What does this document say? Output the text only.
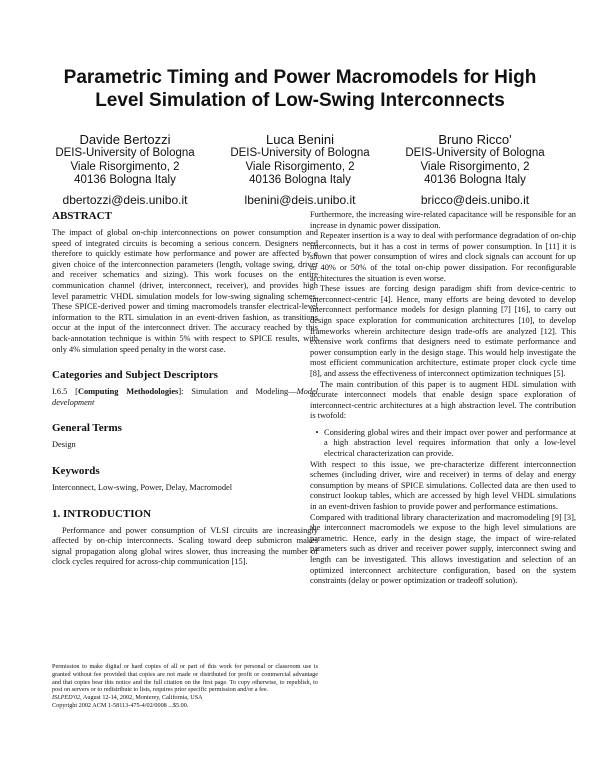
Parametric Timing and Power Macromodels for High Level Simulation of Low-Swing Interconnects
Davide Bertozzi
DEIS-University of Bologna
Viale Risorgimento, 2
40136 Bologna Italy
dbertozzi@deis.unibo.it
Luca Benini
DEIS-University of Bologna
Viale Risorgimento, 2
40136 Bologna Italy
lbenini@deis.unibo.it
Bruno Ricco'
DEIS-University of Bologna
Viale Risorgimento, 2
40136 Bologna Italy
bricco@deis.unibo.it
ABSTRACT

The impact of global on-chip interconnections on power consumption and speed of integrated circuits is becoming a serious concern. Designers need therefore to quickly estimate how performance and power are affected by a given choice of the interconnection parameters (length, voltage swing, driver and receiver schematics and sizing). This work focuses on the entire communication channel (driver, interconnect, receiver), and provides high level parametric VHDL simulation models for low-swing signaling schemes. These SPICE-derived power and timing macromodels transfer electrical-level information to the RTL simulation in an event-driven fashion, as transitions occur at the input of the interconnect driver. The accuracy reached by this back-annotation technique is within 5% with respect to SPICE results, with only 4% simulation speed penalty in the worst case.

Categories and Subject Descriptors

I.6.5 [Computing Methodologies]: Simulation and Modeling—Model development

General Terms

Design

Keywords

Interconnect, Low-swing, Power, Delay, Macromodel

1. INTRODUCTION

Performance and power consumption of VLSI circuits are increasingly affected by on-chip interconnects. Scaling toward deep submicron makes signal propagation along global wires slower, thus increasing the number of clock cycles required for across-chip communication [15].

Permission to make digital or hard copies of all or part of this work for personal or classroom use is granted without fee provided that copies are not made or distributed for profit or commercial advantage and that copies bear this notice and the full citation on the first page. To copy otherwise, to republish, to post on servers or to redistribute to lists, requires prior specific permission and/or a fee.

ISLPED'02, August 12-14, 2002, Monterey, California, USA

Copyright 2002 ACM 1-58113-475-4/02/0008 ...$5.00.

Furthermore, the increasing wire-related capacitance will be responsible for an increase in dynamic power dissipation.

Repeater insertion is a way to deal with performance degradation of on-chip interconnects, but it has a cost in terms of power consumption. In [11] it is shown that power consumption of wires and clock signals can account for up to 40% or 50% of the total on-chip power dissipation. For reconfigurable architectures the situation is even worse.

These issues are forcing design paradigm shift from device-centric to interconnect-centric [4]. Hence, many efforts are being devoted to develop interconnect performance models for design planning [7] [16], to carry out design space exploration for communication architectures [10], to develop frameworks wherein architecture design trade-offs are analyzed [12]. This extensive work confirms that designers need to estimate performance and power consumption early in the design stage. This would help investigate the most efficient communication architecture, estimate proper clock cycle time [8], and assess the effectiveness of interconnect optimization techniques [5].

The main contribution of this paper is to augment HDL simulation with accurate interconnect models that enable design space exploration of interconnect-centric architectures at a high abstraction level. The contribution is twofold:

• Considering global wires and their impact over power and performance at a high abstraction level requires information that only a low-level electrical characterization can provide.

With respect to this issue, we pre-characterize different interconnection schemes (including driver, wire and receiver) in terms of delay and energy consumption by means of SPICE simulations. Collected data are then used to construct lookup tables, which are accessed by high level VHDL simulations in an event-driven fashion to provide power and performance estimations.

Compared with traditional library characterization and macromodeling [9] [3], the interconnect macromodels we expose to the high level simulations are parametric. Hence, early in the design stage, the impact of wire-related parameters such as driver and receiver power supply, interconnect swing and length can be investigated. This allows investigation and selection of an optimized interconnect architecture configuration, based on the system constraints (delay or power optimization or tradeoff solution).
